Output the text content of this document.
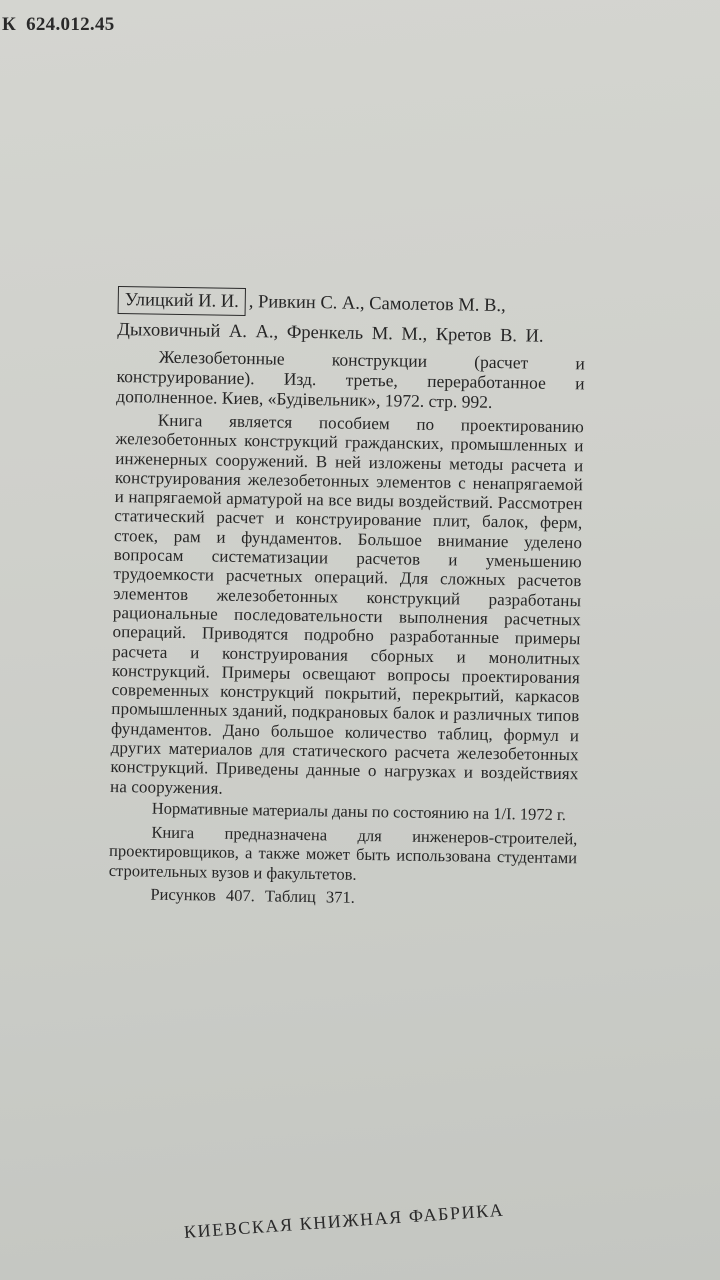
К 624.012.45
Улицкий И. И. , Ривкин С. А., Самолетов М. В.,
Дыховичный А. А., Френкель М. М., Кретов В. И.
Железобетонные конструкции (расчет и конструирование). Изд. третье, переработанное и дополненное. Киев, «Будівельник», 1972. стр. 992.
Книга является пособием по проектированию железобетонных конструкций гражданских, промышленных и инженерных сооружений. В ней изложены методы расчета и конструирования железобетонных элементов с ненапрягаемой и напрягаемой арматурой на все виды воздействий. Рассмотрен статический расчет и конструирование плит, балок, ферм, стоек, рам и фундаментов. Большое внимание уделено вопросам систематизации расчетов и уменьшению трудоемкости расчетных операций. Для сложных расчетов элементов железобетонных конструкций разработаны рациональные последовательности выполнения расчетных операций. Приводятся подробно разработанные примеры расчета и конструирования сборных и монолитных конструкций. Примеры освещают вопросы проектирования современных конструкций покрытий, перекрытий, каркасов промышленных зданий, подкрановых балок и различных типов фундаментов. Дано большое количество таблиц, формул и других материалов для статического расчета железобетонных конструкций. Приведены данные о нагрузках и воздействиях на сооружения.
Нормативные материалы даны по состоянию на 1/I. 1972 г.
Книга предназначена для инженеров-строителей, проектировщиков, а также может быть использована студентами строительных вузов и факультетов.
Рисунков 407. Таблиц 371.
КИЕВСКАЯ КНИЖНАЯ ФАБРИКА
